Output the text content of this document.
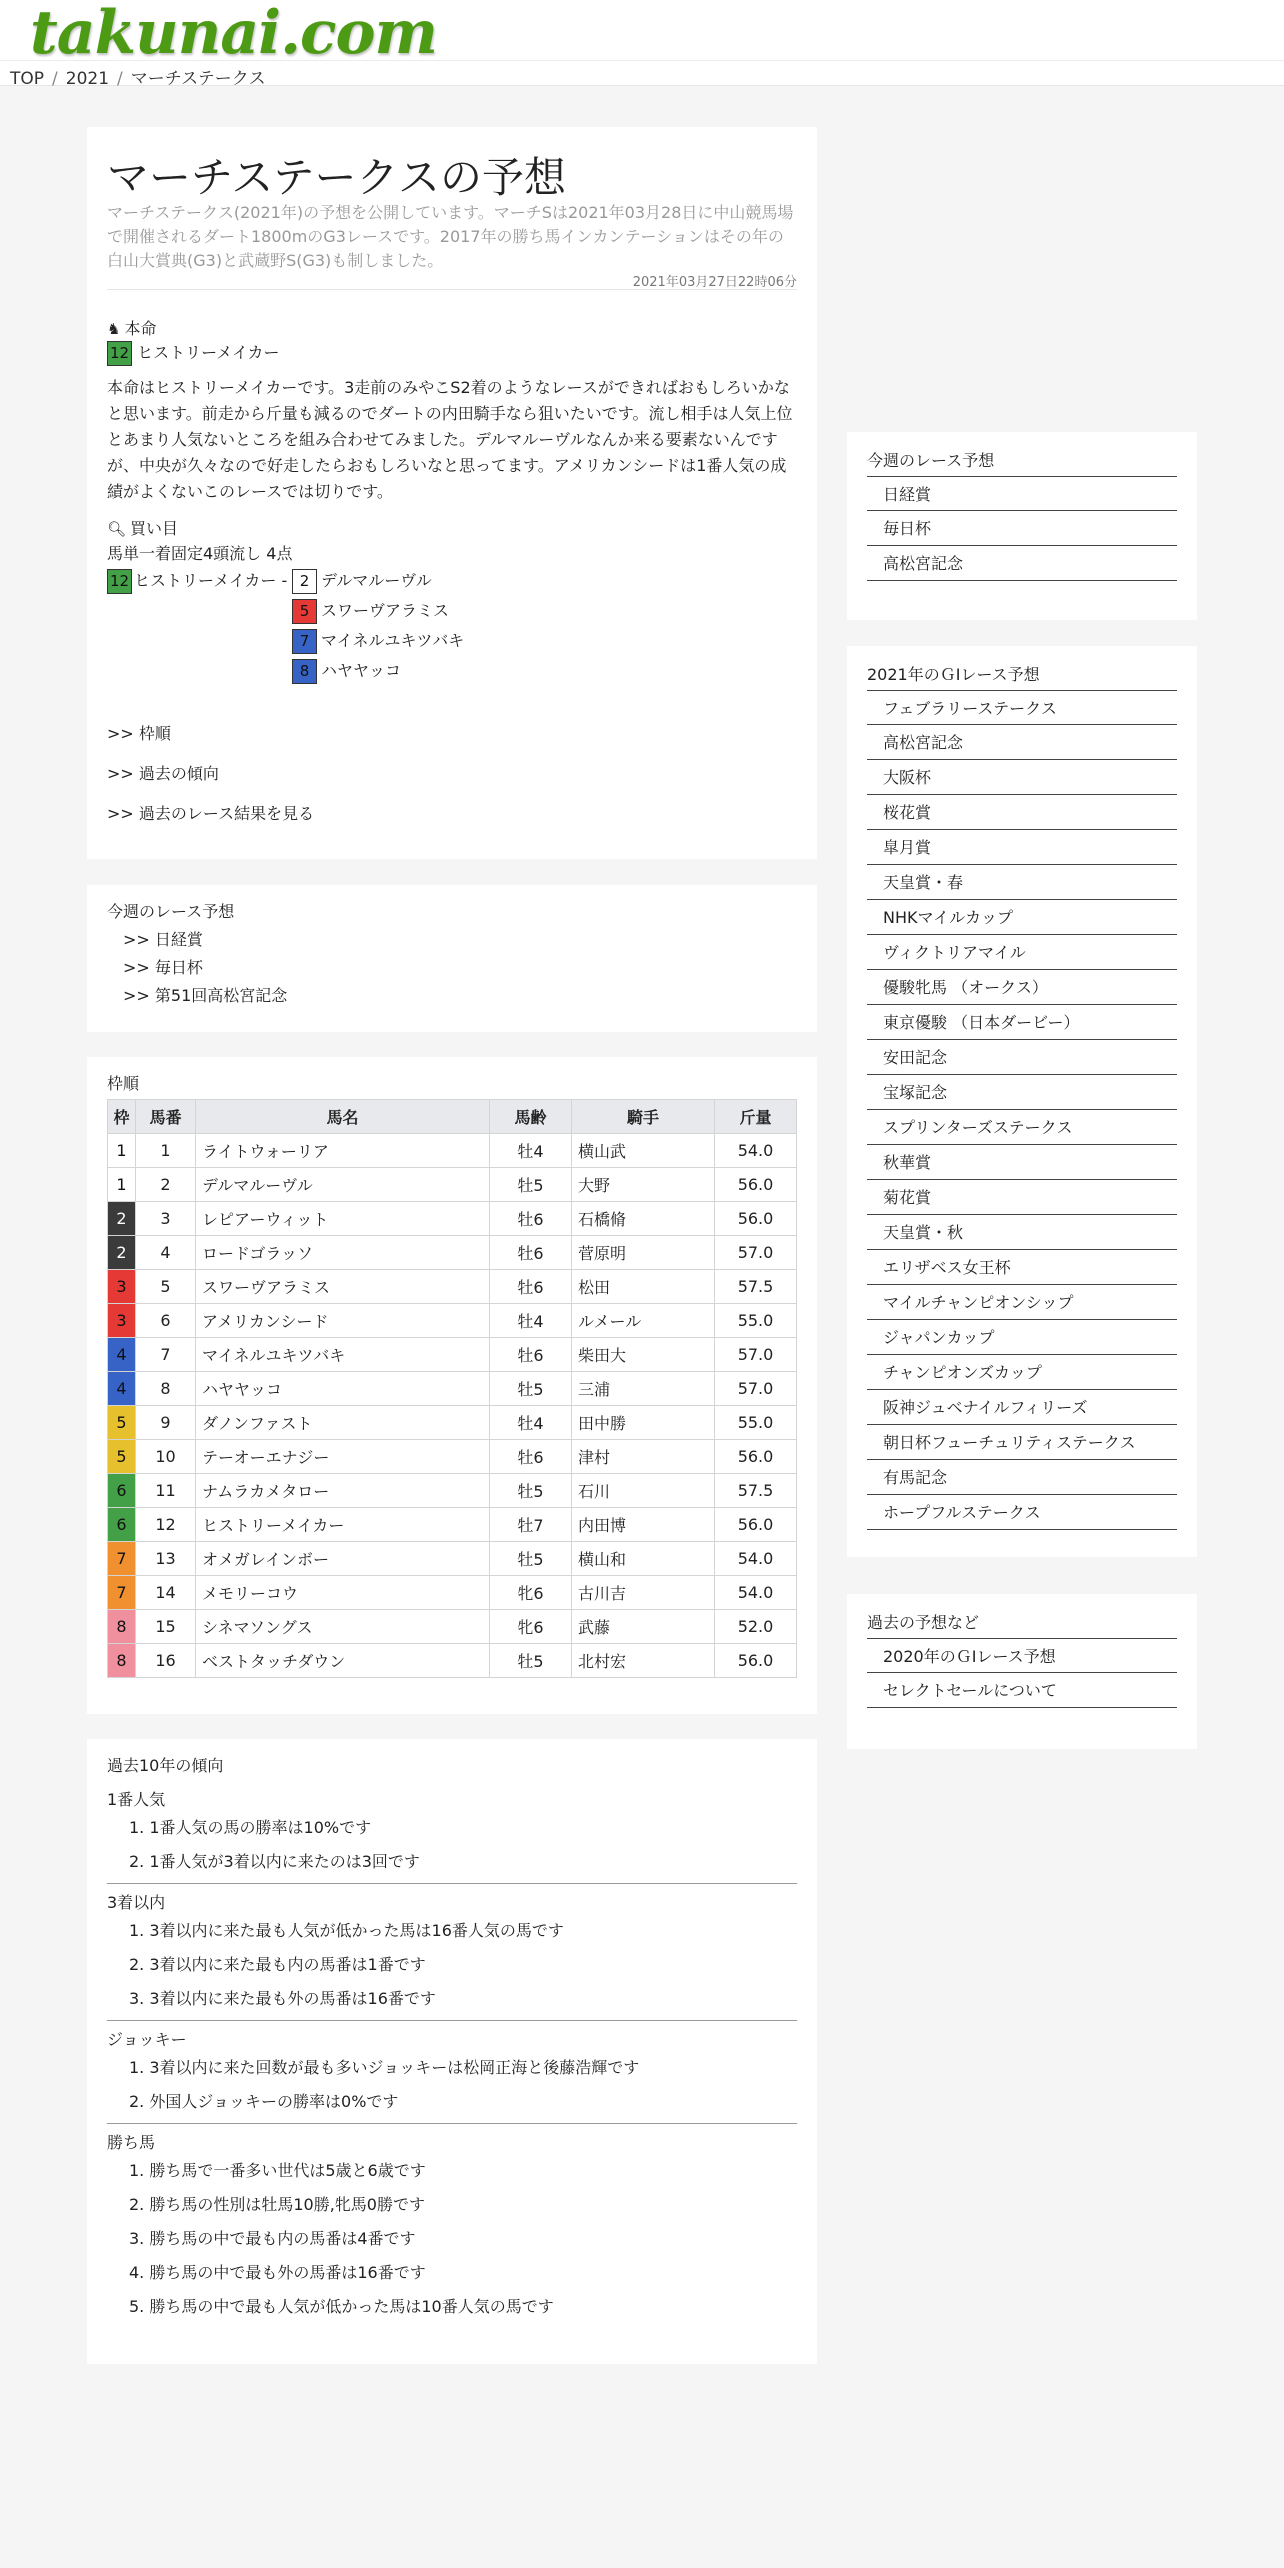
takunai.com
TOP / 2021 / マーチステークス
マーチステークスの予想

マーチステークス(2021年)の予想を公開しています。マーチSは2021年03月28日に中山競馬場で開催されるダート1800mのG3レースです。2017年の勝ち馬インカンテーションはその年の白山大賞典(G3)と武蔵野S(G3)も制しました。

2021年03月27日22時06分
♞ 本命
12 ヒストリーメイカー

本命はヒストリーメイカーです。3走前のみやこS2着のようなレースができればおもしろいかなと思います。前走から斤量も減るのでダートの内田騎手なら狙いたいです。流し相手は人気上位とあまり人気ないところを組み合わせてみました。デルマルーヴルなんか来る要素ないんですが、中央が久々なので好走したらおもしろいなと思ってます。アメリカンシードは1番人気の成績がよくないこのレースでは切りです。

🔍︎ 買い目
馬単一着固定4頭流し 4点
12 ヒストリーメイカー - 2 デルマルーヴル
5 スワーヴアラミス
7 マイネルユキツバキ
8 ハヤヤッコ
>> 枠順
>> 過去の傾向
>> 過去のレース結果を見る
今週のレース予想
>> 日経賞
>> 毎日杯
>> 第51回高松宮記念
枠順
枠	馬番	馬名	馬齢	騎手	斤量
1	1	ライトウォーリア	牡4	横山武	54.0
1	2	デルマルーヴル	牡5	大野	56.0
2	3	レピアーウィット	牡6	石橋脩	56.0
2	4	ロードゴラッソ	牡6	菅原明	57.0
3	5	スワーヴアラミス	牡6	松田	57.5
3	6	アメリカンシード	牡4	ルメール	55.0
4	7	マイネルユキツバキ	牡6	柴田大	57.0
4	8	ハヤヤッコ	牡5	三浦	57.0
5	9	ダノンファスト	牡4	田中勝	55.0
5	10	テーオーエナジー	牡6	津村	56.0
6	11	ナムラカメタロー	牡5	石川	57.5
6	12	ヒストリーメイカー	牡7	内田博	56.0
7	13	オメガレインボー	牡5	横山和	54.0
7	14	メモリーコウ	牝6	古川吉	54.0
8	15	シネマソングス	牝6	武藤	52.0
8	16	ベストタッチダウン	牡5	北村宏	56.0
過去10年の傾向
1番人気
1. 1番人気の馬の勝率は10%です
2. 1番人気が3着以内に来たのは3回です
3着以内
1. 3着以内に来た最も人気が低かった馬は16番人気の馬です
2. 3着以内に来た最も内の馬番は1番です
3. 3着以内に来た最も外の馬番は16番です
ジョッキー
1. 3着以内に来た回数が最も多いジョッキーは松岡正海と後藤浩輝です
2. 外国人ジョッキーの勝率は0%です
勝ち馬
1. 勝ち馬で一番多い世代は5歳と6歳です
2. 勝ち馬の性別は牡馬10勝,牝馬0勝です
3. 勝ち馬の中で最も内の馬番は4番です
4. 勝ち馬の中で最も外の馬番は16番です
5. 勝ち馬の中で最も人気が低かった馬は10番人気の馬です
今週のレース予想
日経賞
毎日杯
高松宮記念
2021年のＧⅠレース予想
フェブラリーステークス
高松宮記念
大阪杯
桜花賞
皐月賞
天皇賞・春
NHKマイルカップ
ヴィクトリアマイル
優駿牝馬 （オークス）
東京優駿 （日本ダービー）
安田記念
宝塚記念
スプリンターズステークス
秋華賞
菊花賞
天皇賞・秋
エリザベス女王杯
マイルチャンピオンシップ
ジャパンカップ
チャンピオンズカップ
阪神ジュベナイルフィリーズ
朝日杯フューチュリティステークス
有馬記念
ホープフルステークス
過去の予想など
2020年のＧⅠレース予想
セレクトセールについて
